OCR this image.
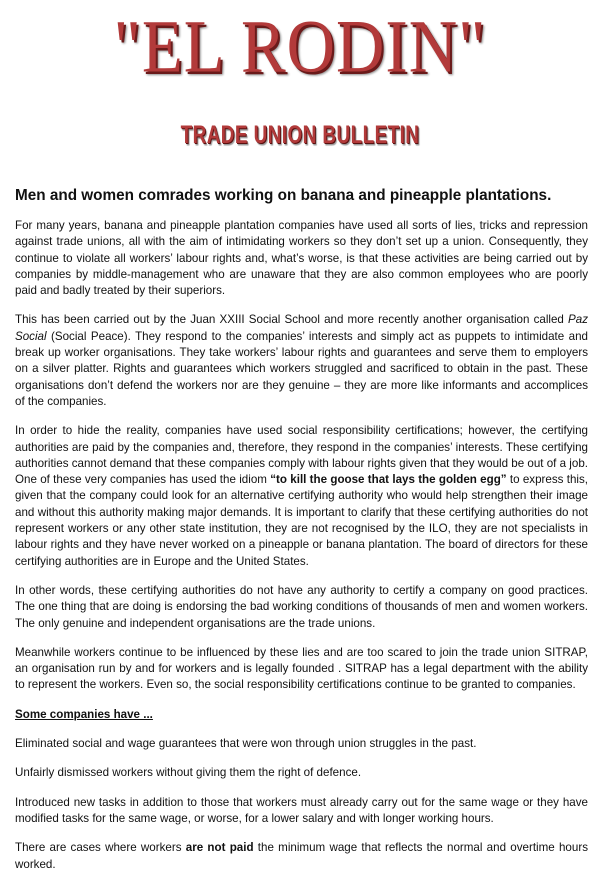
"EL RODIN"
TRADE UNION BULLETIN
Men and women comrades working on banana and pineapple plantations.

For many years, banana and pineapple plantation companies have used all sorts of lies, tricks and repression against trade unions, all with the aim of intimidating workers so they don’t set up a union. Consequently, they continue to violate all workers’ labour rights and, what’s worse, is that these activities are being carried out by companies by middle-management who are unaware that they are also common employees who are poorly paid and badly treated by their superiors.

This has been carried out by the Juan XXIII Social School and more recently another organisation called Paz Social (Social Peace). They respond to the companies’ interests and simply act as puppets to intimidate and break up worker organisations. They take workers’ labour rights and guarantees and serve them to employers on a silver platter. Rights and guarantees which workers struggled and sacrificed to obtain in the past. These organisations don’t defend the workers nor are they genuine – they are more like informants and accomplices of the companies.

In order to hide the reality, companies have used social responsibility certifications; however, the certifying authorities are paid by the companies and, therefore, they respond in the companies’ interests. These certifying authorities cannot demand that these companies comply with labour rights given that they would be out of a job. One of these very companies has used the idiom “to kill the goose that lays the golden egg” to express this, given that the company could look for an alternative certifying authority who would help strengthen their image and without this authority making major demands. It is important to clarify that these certifying authorities do not represent workers or any other state institution, they are not recognised by the ILO, they are not specialists in labour rights and they have never worked on a pineapple or banana plantation. The board of directors for these certifying authorities are in Europe and the United States.

In other words, these certifying authorities do not have any authority to certify a company on good practices. The one thing that are doing is endorsing the bad working conditions of thousands of men and women workers. The only genuine and independent organisations are the trade unions.

Meanwhile workers continue to be influenced by these lies and are too scared to join the trade union SITRAP, an organisation run by and for workers and is legally founded . SITRAP has a legal department with the ability to represent the workers. Even so, the social responsibility certifications continue to be granted to companies.

Some companies have ...

Eliminated social and wage guarantees that were won through union struggles in the past.

Unfairly dismissed workers without giving them the right of defence.

Introduced new tasks in addition to those that workers must already carry out for the same wage or they have modified tasks for the same wage, or worse, for a lower salary and with longer working hours.

There are cases where workers are not paid the minimum wage that reflects the normal and overtime hours worked.
